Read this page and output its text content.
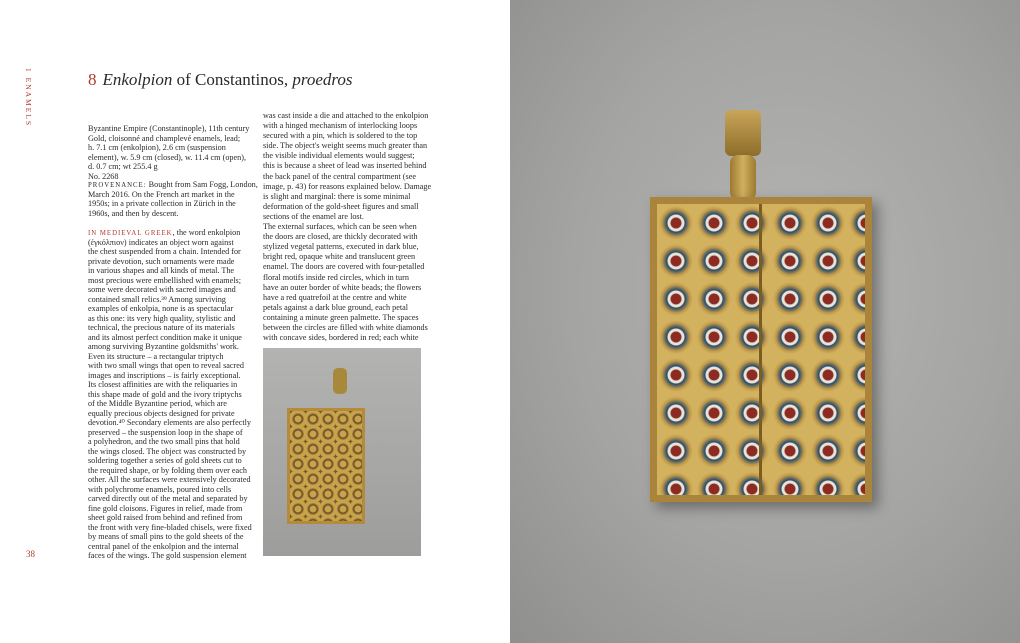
1 ENAMELS
38
8 Enkolpion of Constantinos, proedros
Byzantine Empire (Constantinople), 11th century
Gold, cloisonné and champlevé enamels, lead;
h. 7.1 cm (enkolpion), 2.6 cm (suspension
element), w. 5.9 cm (closed), w. 11.4 cm (open),
d. 0.7 cm; wt 255.4 g
No. 2268
PROVENANCE: Bought from Sam Fogg, London,
March 2016. On the French art market in the
1950s; in a private collection in Zürich in the
1960s, and then by descent.
IN MEDIEVAL GREEK, the word enkolpion
(ἐγκόλπιον) indicates an object worn against
the chest suspended from a chain. Intended for
private devotion, such ornaments were made
in various shapes and all kinds of metal. The
most precious were embellished with enamels;
some were decorated with sacred images and
contained small relics.³⁹ Among surviving
examples of enkolpia, none is as spectacular
as this one: its very high quality, stylistic and
technical, the precious nature of its materials
and its almost perfect condition make it unique
among surviving Byzantine goldsmiths' work.
Even its structure – a rectangular triptych
with two small wings that open to reveal sacred
images and inscriptions – is fairly exceptional.
Its closest affinities are with the reliquaries in
this shape made of gold and the ivory triptychs
of the Middle Byzantine period, which are
equally precious objects designed for private
devotion.⁴⁰ Secondary elements are also perfectly
preserved – the suspension loop in the shape of
a polyhedron, and the two small pins that hold
the wings closed. The object was constructed by
soldering together a series of gold sheets cut to
the required shape, or by folding them over each
other. All the surfaces were extensively decorated
with polychrome enamels, poured into cells
carved directly out of the metal and separated by
fine gold cloisons. Figures in relief, made from
sheet gold raised from behind and refined from
the front with very fine-bladed chisels, were fixed
by means of small pins to the gold sheets of the
central panel of the enkolpion and the internal
faces of the wings. The gold suspension element
was cast inside a die and attached to the enkolpion
with a hinged mechanism of interlocking loops
secured with a pin, which is soldered to the top
side. The object's weight seems much greater than
the visible individual elements would suggest;
this is because a sheet of lead was inserted behind
the back panel of the central compartment (see
image, p. 43) for reasons explained below. Damage
is slight and marginal: there is some minimal
deformation of the gold-sheet figures and small
sections of the enamel are lost.
The external surfaces, which can be seen when
the doors are closed, are thickly decorated with
stylized vegetal patterns, executed in dark blue,
bright red, opaque white and translucent green
enamel. The doors are covered with four-petalled
floral motifs inside red circles, which in turn
have an outer border of white beads; the flowers
have a red quatrefoil at the centre and white
petals against a dark blue ground, each petal
containing a minute green palmette. The spaces
between the circles are filled with white diamonds
with concave sides, bordered in red; each white
